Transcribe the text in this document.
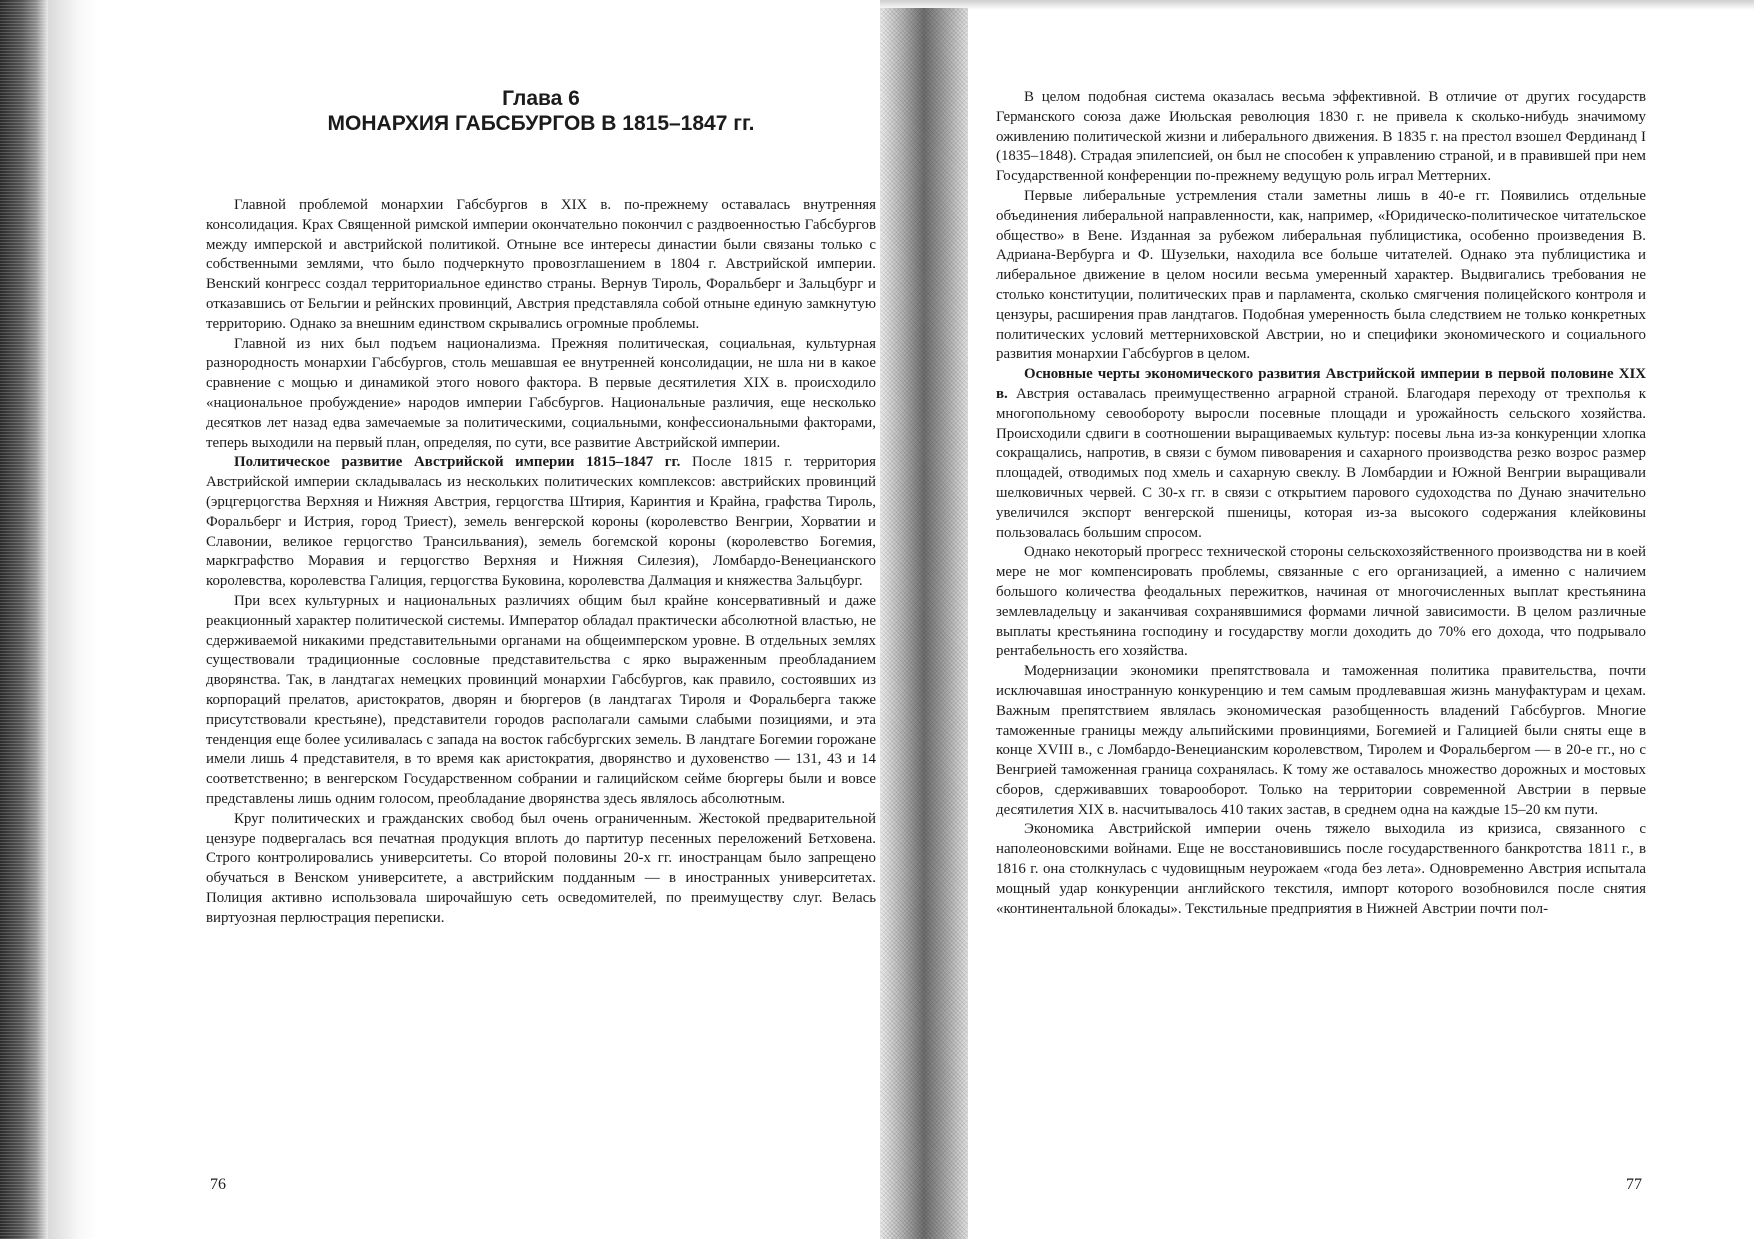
Глава 6
МОНАРХИЯ ГАБСБУРГОВ В 1815–1847 гг.

Главной проблемой монархии Габсбургов в XIX в. по-прежнему оставалась внутренняя консолидация. Крах Священной римской империи окончательно покончил с раздвоенностью Габсбургов между имперской и австрийской политикой. Отныне все интересы династии были связаны только с собственными землями, что было подчеркнуто провозглашением в 1804 г. Австрийской империи. Венский конгресс создал территориальное единство страны. Вернув Тироль, Форальберг и Зальцбург и отказавшись от Бельгии и рейнских провинций, Австрия представляла собой отныне единую замкнутую территорию. Однако за внешним единством скрывались огромные проблемы.

Главной из них был подъем национализма. Прежняя политическая, социальная, культурная разнородность монархии Габсбургов, столь мешавшая ее внутренней консолидации, не шла ни в какое сравнение с мощью и динамикой этого нового фактора. В первые десятилетия XIX в. происходило «национальное пробуждение» народов империи Габсбургов. Национальные различия, еще несколько десятков лет назад едва замечаемые за политическими, социальными, конфессиональными факторами, теперь выходили на первый план, определяя, по сути, все развитие Австрийской империи.

Политическое развитие Австрийской империи 1815–1847 гг. После 1815 г. территория Австрийской империи складывалась из нескольких политических комплексов: австрийских провинций (эрцгерцогства Верхняя и Нижняя Австрия, герцогства Штирия, Каринтия и Крайна, графства Тироль, Форальберг и Истрия, город Триест), земель венгерской короны (королевство Венгрии, Хорватии и Славонии, великое герцогство Трансильвания), земель богемской короны (королевство Богемия, маркграфство Моравия и герцогство Верхняя и Нижняя Силезия), Ломбардо-Венецианского королевства, королевства Галиция, герцогства Буковина, королевства Далмация и княжества Зальцбург.

При всех культурных и национальных различиях общим был крайне консервативный и даже реакционный характер политической системы. Император обладал практически абсолютной властью, не сдерживаемой никакими представительными органами на общеимперском уровне. В отдельных землях существовали традиционные сословные представительства с ярко выраженным преобладанием дворянства. Так, в ландтагах немецких провинций монархии Габсбургов, как правило, состоявших из корпораций прелатов, аристократов, дворян и бюргеров (в ландтагах Тироля и Форальберга также присутствовали крестьяне), представители городов располагали самыми слабыми позициями, и эта тенденция еще более усиливалась с запада на восток габсбургских земель. В ландтаге Богемии горожане имели лишь 4 представителя, в то время как аристократия, дворянство и духовенство — 131, 43 и 14 соответственно; в венгерском Государственном собрании и галицийском сейме бюргеры были и вовсе представлены лишь одним голосом, преобладание дворянства здесь являлось абсолютным.

Круг политических и гражданских свобод был очень ограниченным. Жестокой предварительной цензуре подвергалась вся печатная продукция вплоть до партитур песенных переложений Бетховена. Строго контролировались университеты. Со второй половины 20-х гг. иностранцам было запрещено обучаться в Венском университете, а австрийским подданным — в иностранных университетах. Полиция активно использовала широчайшую сеть осведомителей, по преимуществу слуг. Велась виртуозная перлюстрация переписки.

76

В целом подобная система оказалась весьма эффективной. В отличие от других государств Германского союза даже Июльская революция 1830 г. не привела к сколько-нибудь значимому оживлению политической жизни и либерального движения. В 1835 г. на престол взошел Фердинанд I (1835–1848). Страдая эпилепсией, он был не способен к управлению страной, и в правившей при нем Государственной конференции по-прежнему ведущую роль играл Меттерних.

Первые либеральные устремления стали заметны лишь в 40-е гг. Появились отдельные объединения либеральной направленности, как, например, «Юридическо-политическое читательское общество» в Вене. Изданная за рубежом либеральная публицистика, особенно произведения В. Адриана-Вербурга и Ф. Шузельки, находила все больше читателей. Однако эта публицистика и либеральное движение в целом носили весьма умеренный характер. Выдвигались требования не столько конституции, политических прав и парламента, сколько смягчения полицейского контроля и цензуры, расширения прав ландтагов. Подобная умеренность была следствием не только конкретных политических условий меттерниховской Австрии, но и специфики экономического и социального развития монархии Габсбургов в целом.

Основные черты экономического развития Австрийской империи в первой половине XIX в. Австрия оставалась преимущественно аграрной страной. Благодаря переходу от трехполья к многопольному севообороту выросли посевные площади и урожайность сельского хозяйства. Происходили сдвиги в соотношении выращиваемых культур: посевы льна из-за конкуренции хлопка сокращались, напротив, в связи с бумом пивоварения и сахарного производства резко возрос размер площадей, отводимых под хмель и сахарную свеклу. В Ломбардии и Южной Венгрии выращивали шелковичных червей. С 30-х гг. в связи с открытием парового судоходства по Дунаю значительно увеличился экспорт венгерской пшеницы, которая из-за высокого содержания клейковины пользовалась большим спросом.

Однако некоторый прогресс технической стороны сельскохозяйственного производства ни в коей мере не мог компенсировать проблемы, связанные с его организацией, а именно с наличием большого количества феодальных пережитков, начиная от многочисленных выплат крестьянина землевладельцу и заканчивая сохранявшимися формами личной зависимости. В целом различные выплаты крестьянина господину и государству могли доходить до 70% его дохода, что подрывало рентабельность его хозяйства.

Модернизации экономики препятствовала и таможенная политика правительства, почти исключавшая иностранную конкуренцию и тем самым продлевавшая жизнь мануфактурам и цехам. Важным препятствием являлась экономическая разобщенность владений Габсбургов. Многие таможенные границы между альпийскими провинциями, Богемией и Галицией были сняты еще в конце XVIII в., с Ломбардо-Венецианским королевством, Тиролем и Форальбергом — в 20-е гг., но с Венгрией таможенная граница сохранялась. К тому же оставалось множество дорожных и мостовых сборов, сдерживавших товарооборот. Только на территории современной Австрии в первые десятилетия XIX в. насчитывалось 410 таких застав, в среднем одна на каждые 15–20 км пути.

Экономика Австрийской империи очень тяжело выходила из кризиса, связанного с наполеоновскими войнами. Еще не восстановившись после государственного банкротства 1811 г., в 1816 г. она столкнулась с чудовищным неурожаем «года без лета». Одновременно Австрия испытала мощный удар конкуренции английского текстиля, импорт которого возобновился после снятия «континентальной блокады». Текстильные предприятия в Нижней Австрии почти пол-

77
